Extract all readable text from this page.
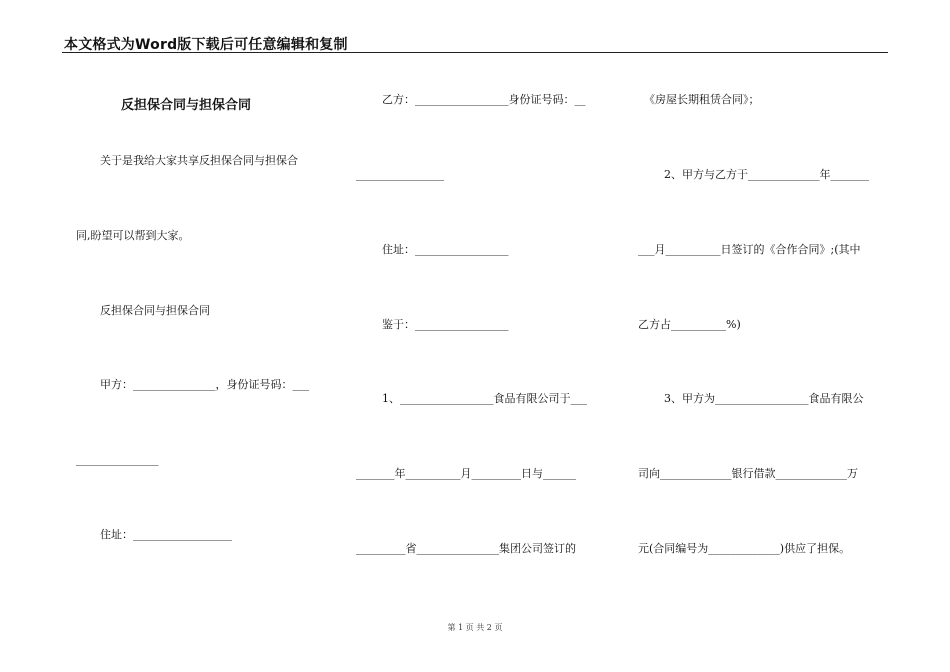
本文格式为Word版下载后可任意编辑和复制
反担保合同与担保合同
关于是我给大家共享反担保合同与担保合
同,盼望可以帮到大家。
反担保合同与担保合同
甲方：_______________，身份证号码：___
_______________
住址：__________________
乙方：_________________身份证号码：__
________________
住址：_________________
鉴于：_________________
1、_________________食品有限公司于___
_______年__________月_________日与______
_________省_______________集团公司签订的
《房屋长期租赁合同》；
2、甲方与乙方于_____________年_______
___月__________日签订的《合作合同》;(其中
乙方占__________%)
3、甲方为_________________食品有限公
司向_____________银行借款_____________万
元(合同编号为_____________)供应了担保。
第 1 页 共 2 页
